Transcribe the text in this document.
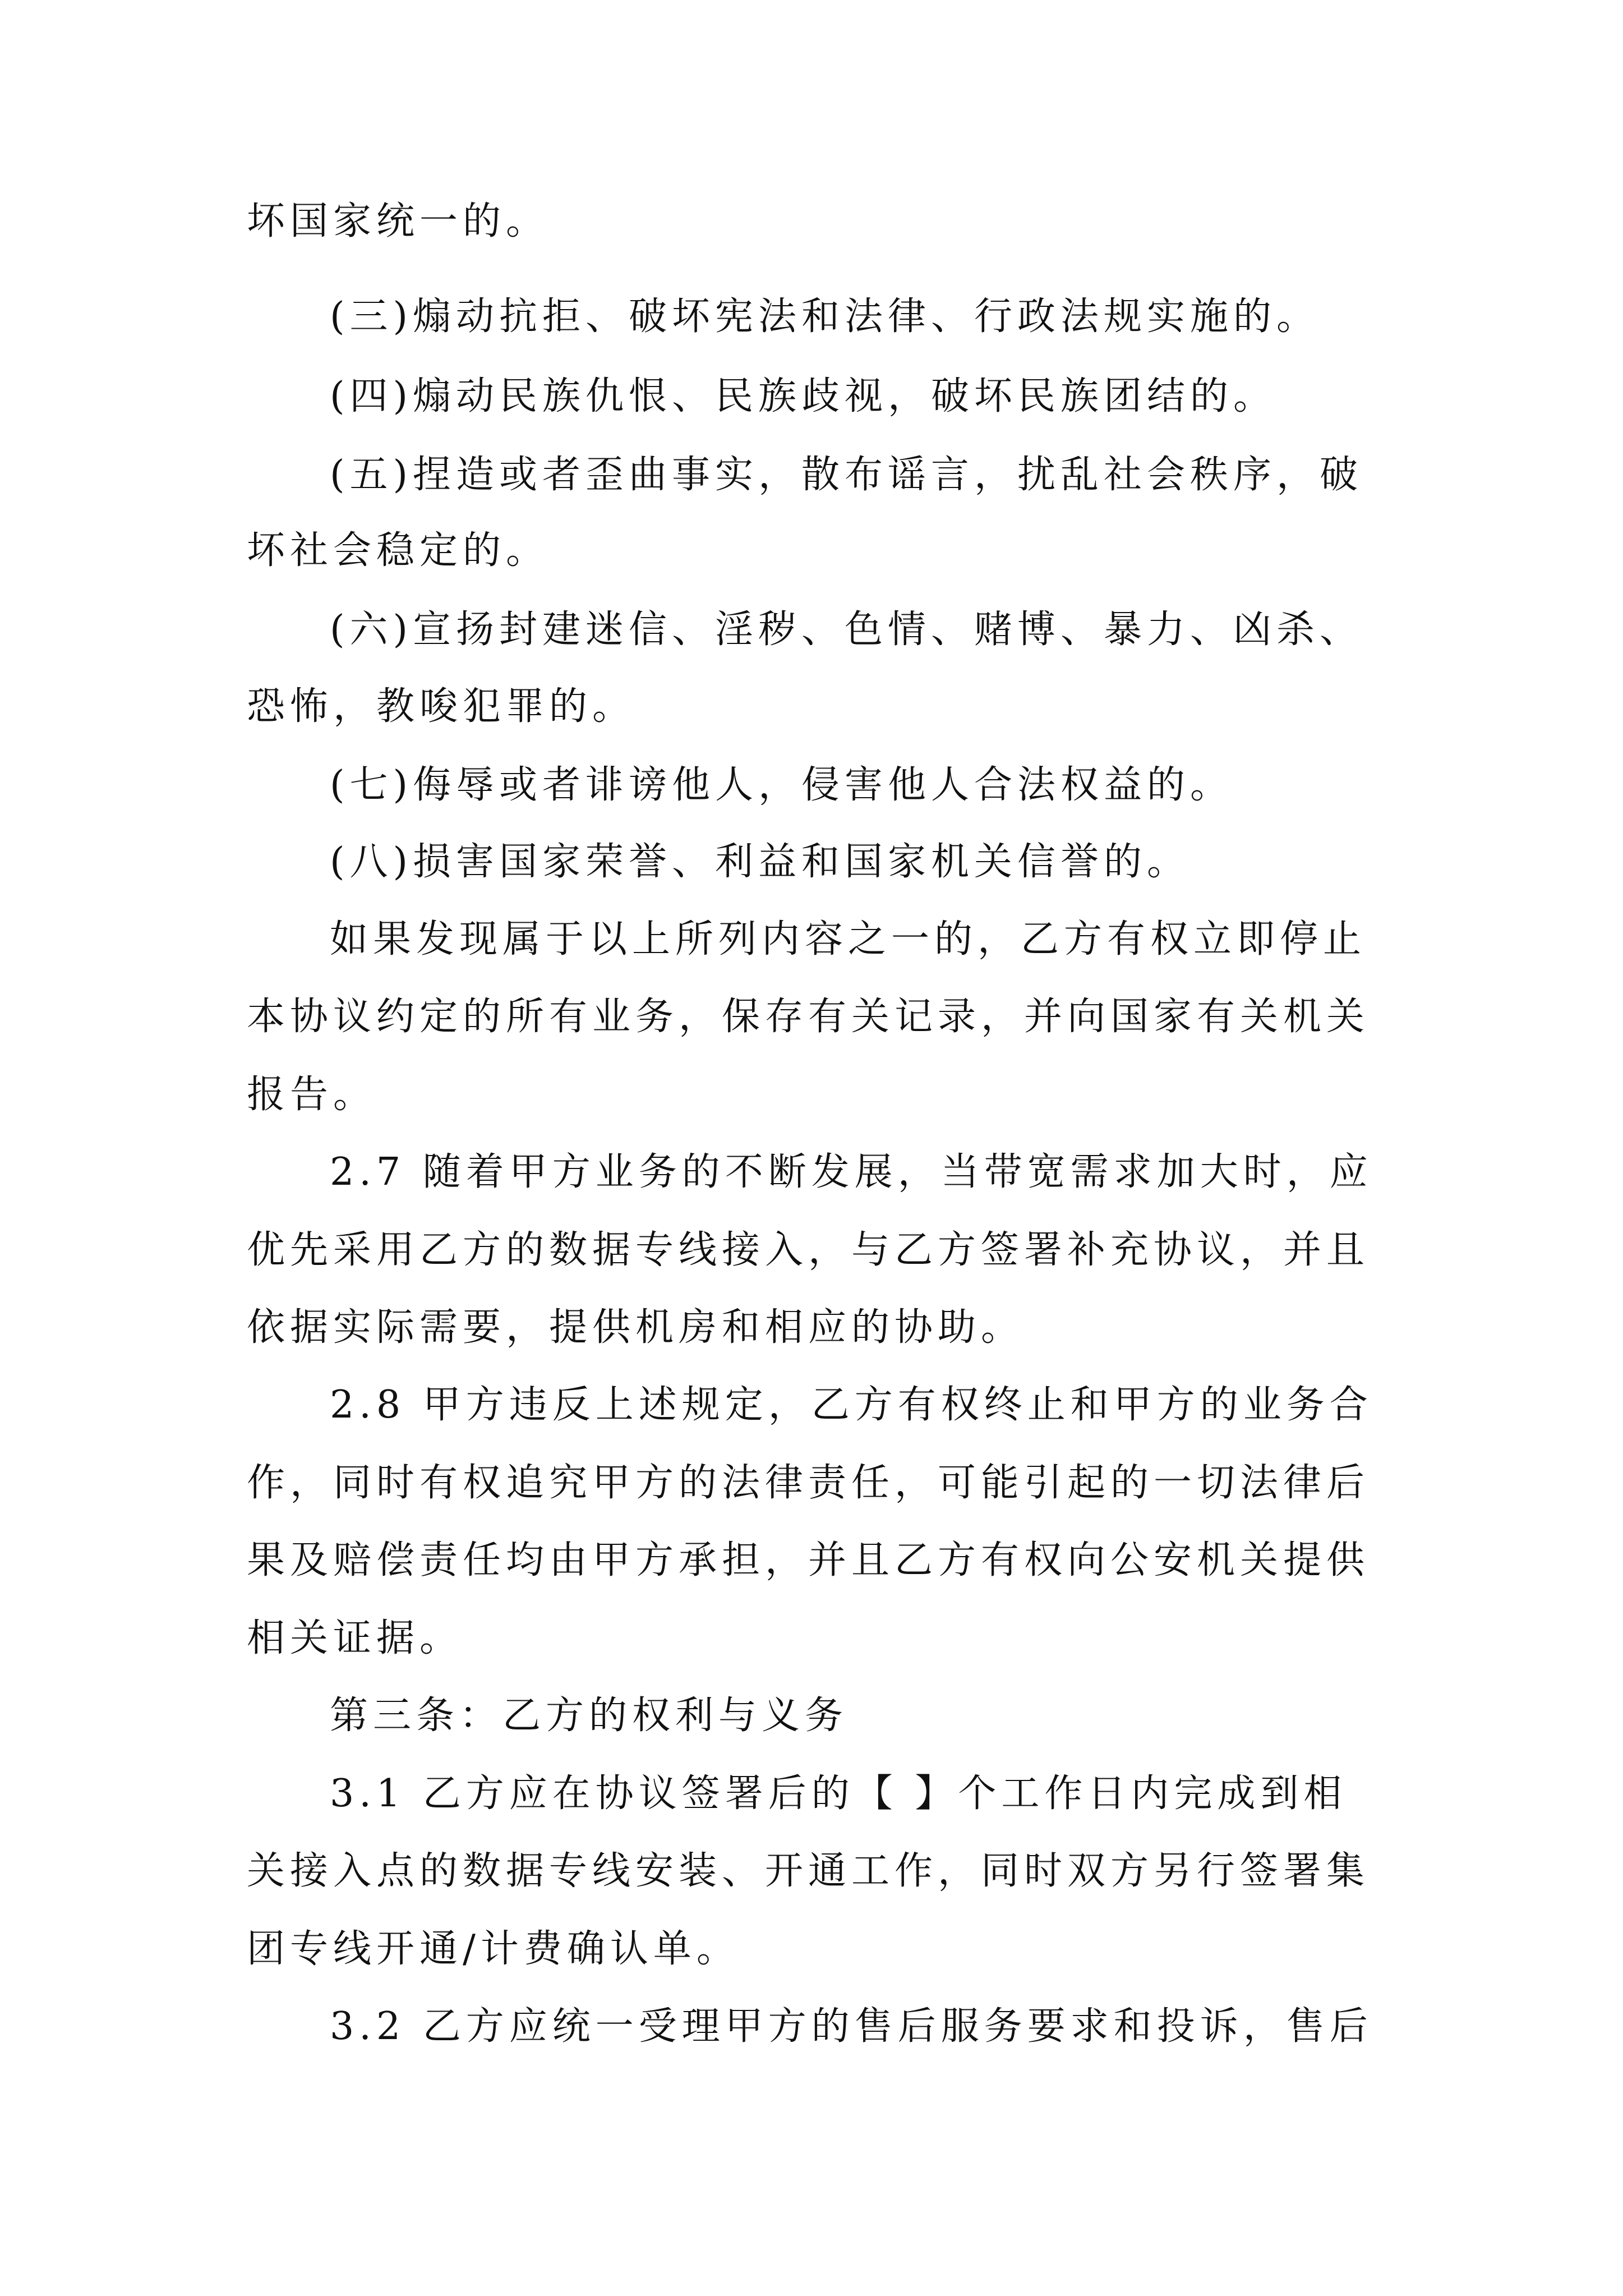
坏国家统一的。
(三)煽动抗拒、破坏宪法和法律、行政法规实施的。
(四)煽动民族仇恨、民族歧视，破坏民族团结的。
(五)捏造或者歪曲事实，散布谣言，扰乱社会秩序，破
坏社会稳定的。
(六)宣扬封建迷信、淫秽、色情、赌博、暴力、凶杀、
恐怖，教唆犯罪的。
(七)侮辱或者诽谤他人，侵害他人合法权益的。
(八)损害国家荣誉、利益和国家机关信誉的。
如果发现属于以上所列内容之一的，乙方有权立即停止
本协议约定的所有业务，保存有关记录，并向国家有关机关
报告。
2.7 随着甲方业务的不断发展，当带宽需求加大时，应
优先采用乙方的数据专线接入，与乙方签署补充协议，并且
依据实际需要，提供机房和相应的协助。
2.8 甲方违反上述规定，乙方有权终止和甲方的业务合
作，同时有权追究甲方的法律责任，可能引起的一切法律后
果及赔偿责任均由甲方承担，并且乙方有权向公安机关提供
相关证据。
第三条：乙方的权利与义务
3.1 乙方应在协议签署后的【 】个工作日内完成到相
关接入点的数据专线安装、开通工作，同时双方另行签署集
团专线开通/计费确认单。
3.2 乙方应统一受理甲方的售后服务要求和投诉，售后
